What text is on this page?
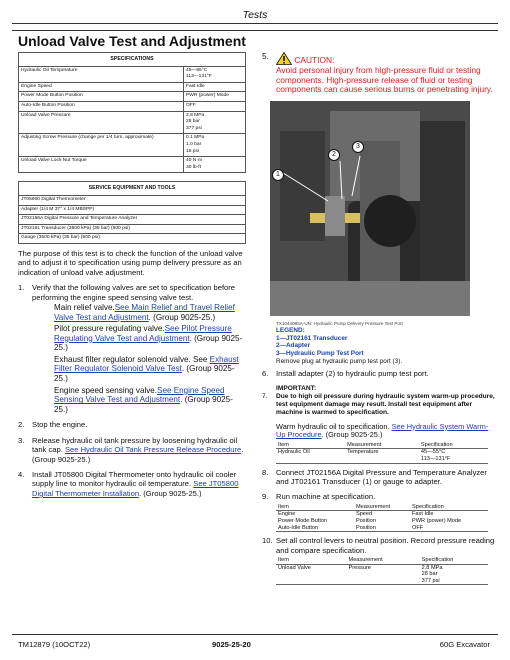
Tests
Unload Valve Test and Adjustment
SPECIFICATIONS	
Hydraulic Oil Temperature	45—55°C
113—131°F
Engine Speed	Fast Idle
Power Mode Button Position	PWR (power) Mode
Auto-Idle Button Position	OFF
Unload Valve Pressure	2.8 MPa
28 bar
377 psi
Adjusting Screw Pressure (change per 1/4 turn, approximate)	0.1 MPa
1.0 bar
15 psi
Unload Valve Lock Nut Torque	40 N·m
30 lb-ft
SERVICE EQUIPMENT AND TOOLS
JT05800 Digital Thermometer
Adapter (1/4 M 37° x 1/4 MBSPP)
JT02156A Digital Pressure and Temperature Analyzer
JT02161 Transducer (3500 kPa) (35 bar) (500 psi)
Gauge (3500 kPa) (35 bar) (500 psi)
The purpose of this test is to check the function of the unload valve and to adjust it to specification using pump delivery pressure as an indication of unload valve adjustment.
1. Verify that the following valves are set to specification before performing the engine speed sensing valve test.
Main relief valve.See Main Relief and Travel Relief Valve Test and Adjustment. (Group 9025-25.)
Pilot pressure regulating valve.See Pilot Pressure Regulating Valve Test and Adjustment. (Group 9025-25.)
Exhaust filter regulator solenoid valve. See Exhaust Filter Regulator Solenoid Valve Test. (Group 9025-25.)
Engine speed sensing valve.See Engine Speed Sensing Valve Test and Adjustment. (Group 9025-25.)
2. Stop the engine.
3. Release hydraulic oil tank pressure by loosening hydraulic oil tank cap. See Hydraulic Oil Tank Pressure Release Procedure. (Group 9025-25.)
4. Install JT05800 Digital Thermometer onto hydraulic oil cooler supply line to monitor hydraulic oil temperature. See JT05800 Digital Thermometer Installation. (Group 9025-25.)
5.	CAUTION:
Avoid personal injury from high-pressure fluid or testing components. High-pressure release of fluid or testing components can cause serious burns or penetrating injury.
1
2
3
TX1044095A-UN: Hydraulic Pump Delivery Pressure Test Port
LEGEND:
1—JT02161 Transducer
2—Adapter
3—Hydraulic Pump Test Port
Remove plug at hydraulic pump test port (3).
6. Install adapter (2) to hydraulic pump test port.
IMPORTANT:
7. Due to high oil pressure during hydraulic system warm-up procedure, test equipment damage may result. Install test equipment after machine is warmed to specification.
Warm hydraulic oil to specification. See Hydraulic System Warm-Up Procedure. (Group 9025-25.)
Item	Measurement	Specification
Hydraulic Oil	Temperature	45—55°C
113—131°F
8. Connect JT02156A Digital Pressure and Temperature Analyzer and JT02161 Transducer (1) or gauge to adapter.
9. Run machine at specification.
Item	Measurement	Specification
Engine	Speed	Fast Idle
Power Mode Button	Position	PWR (power) Mode
Auto-Idle Button	Position	OFF
10. Set all control levers to neutral position. Record pressure reading and compare specification.
Item	Measurement	Specification
Unload Valve	Pressure	2.8 MPa
28 bar
377 psi
TM12879 (10OCT22)	9025-25-20	60G Excavator
